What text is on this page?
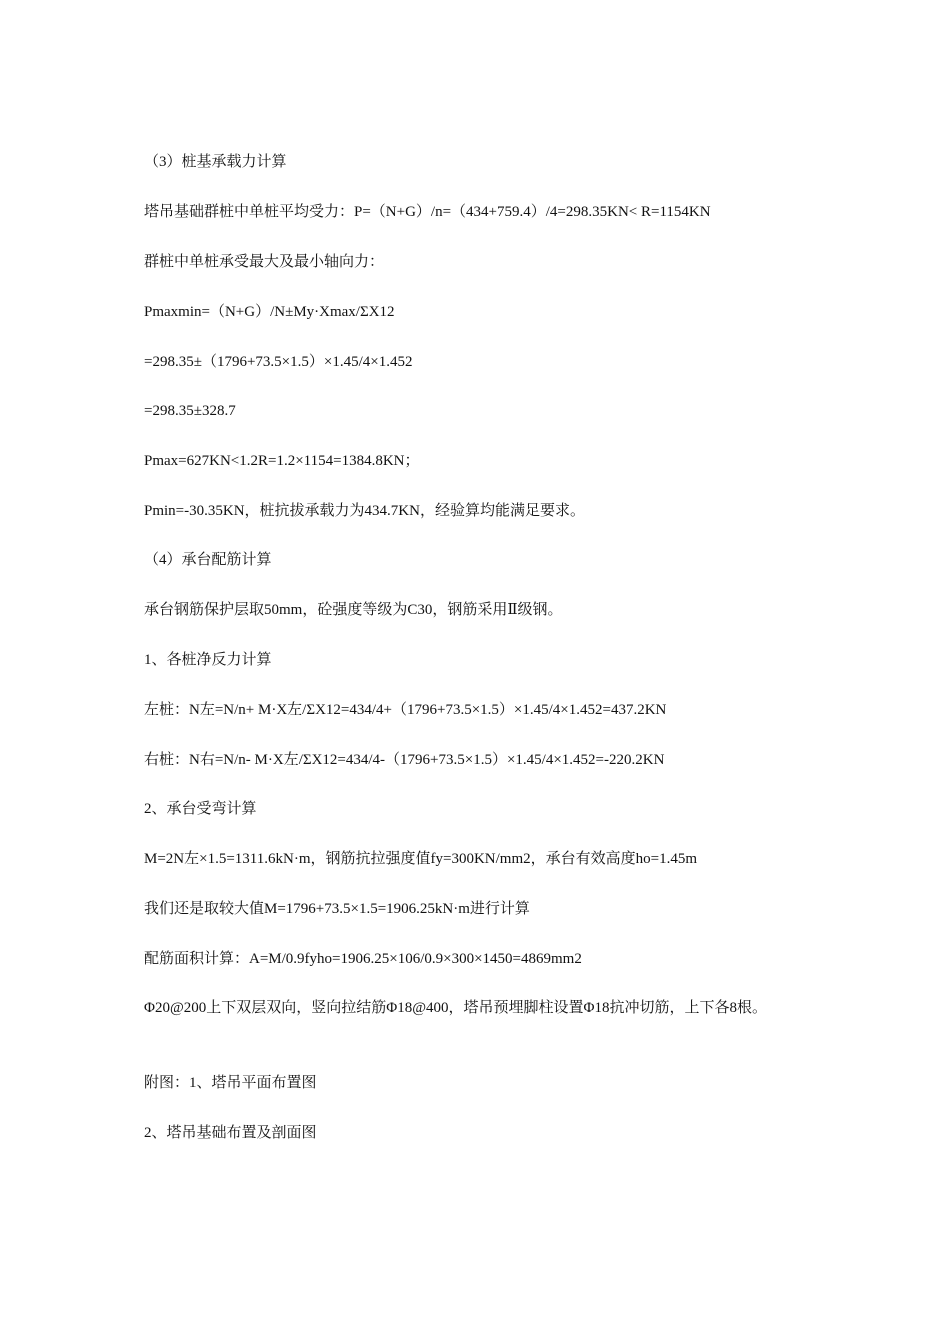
（3）桩基承载力计算
塔吊基础群桩中单桩平均受力：P=（N+G）/n=（434+759.4）/4=298.35KN< R=1154KN
群桩中单桩承受最大及最小轴向力：
Pmaxmin=（N+G）/N±My·Xmax/ΣX12
=298.35±（1796+73.5×1.5）×1.45/4×1.452
=298.35±328.7
Pmax=627KN<1.2R=1.2×1154=1384.8KN；
Pmin=-30.35KN，桩抗拔承载力为434.7KN，经验算均能满足要求。
（4）承台配筋计算
承台钢筋保护层取50mm，砼强度等级为C30，钢筋采用Ⅱ级钢。
1、各桩净反力计算
左桩：N左=N/n+ M·X左/ΣX12=434/4+（1796+73.5×1.5）×1.45/4×1.452=437.2KN
右桩：N右=N/n- M·X左/ΣX12=434/4-（1796+73.5×1.5）×1.45/4×1.452=-220.2KN
2、承台受弯计算
M=2N左×1.5=1311.6kN·m，钢筋抗拉强度值fy=300KN/mm2，承台有效高度ho=1.45m
我们还是取较大值M=1796+73.5×1.5=1906.25kN·m进行计算
配筋面积计算：A=M/0.9fyho=1906.25×106/0.9×300×1450=4869mm2
Φ20@200上下双层双向，竖向拉结筋Φ18@400，塔吊预埋脚柱设置Φ18抗冲切筋，上下各8根。
附图：1、塔吊平面布置图
2、塔吊基础布置及剖面图
